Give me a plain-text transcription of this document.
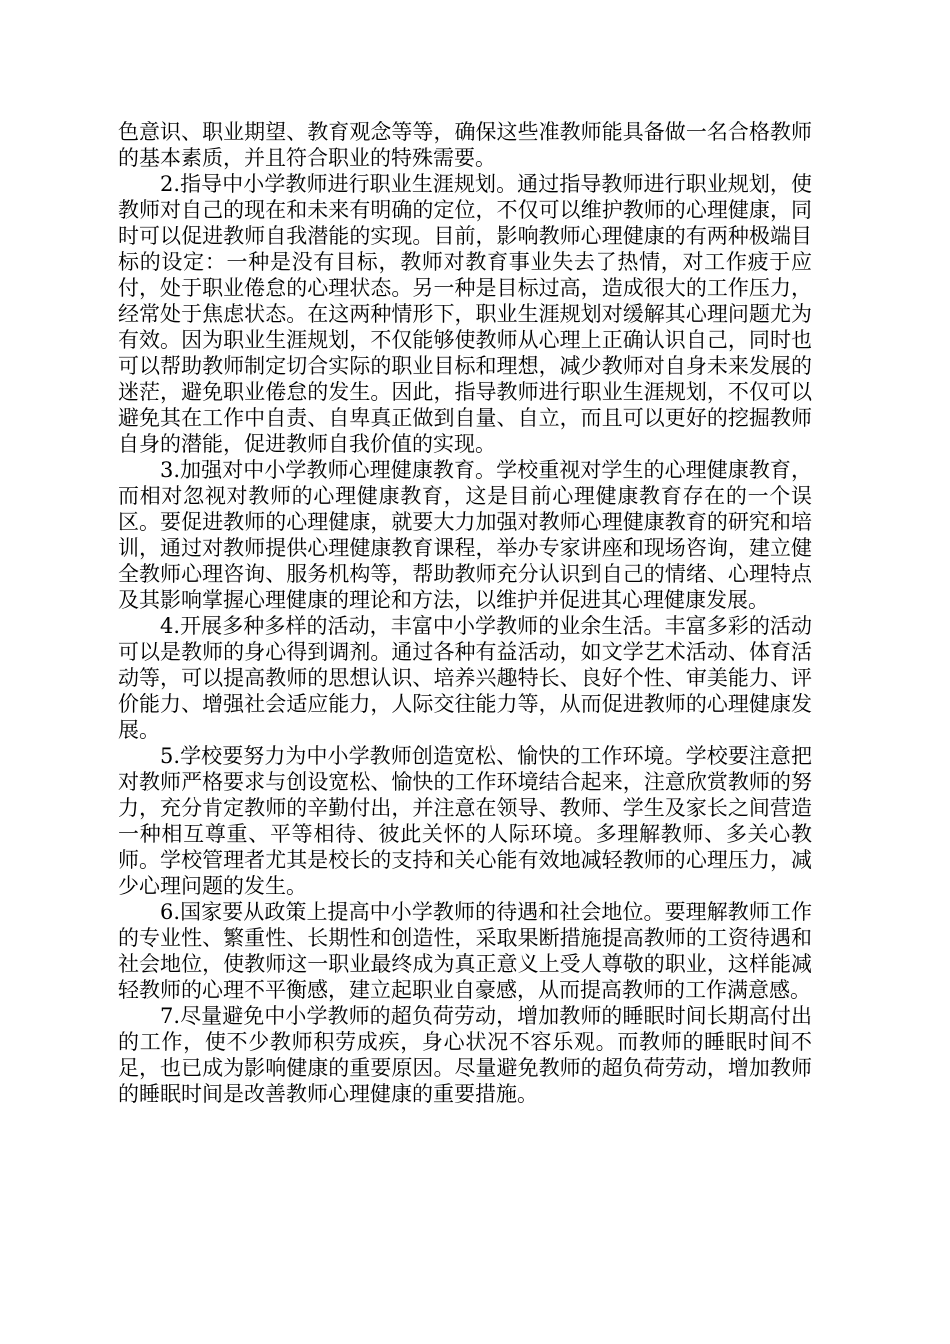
色意识、职业期望、教育观念等等，确保这些准教师能具备做一名合格教师的基本素质，并且符合职业的特殊需要。

2.指导中小学教师进行职业生涯规划。通过指导教师进行职业规划，使教师对自己的现在和未来有明确的定位，不仅可以维护教师的心理健康，同时可以促进教师自我潜能的实现。目前，影响教师心理健康的有两种极端目标的设定：一种是没有目标，教师对教育事业失去了热情，对工作疲于应付，处于职业倦怠的心理状态。另一种是目标过高，造成很大的工作压力，经常处于焦虑状态。在这两种情形下，职业生涯规划对缓解其心理问题尤为有效。因为职业生涯规划，不仅能够使教师从心理上正确认识自己，同时也可以帮助教师制定切合实际的职业目标和理想，减少教师对自身未来发展的迷茫，避免职业倦怠的发生。因此，指导教师进行职业生涯规划，不仅可以避免其在工作中自责、自卑真正做到自量、自立，而且可以更好的挖掘教师自身的潜能，促进教师自我价值的实现。

3.加强对中小学教师心理健康教育。学校重视对学生的心理健康教育，而相对忽视对教师的心理健康教育，这是目前心理健康教育存在的一个误区。要促进教师的心理健康，就要大力加强对教师心理健康教育的研究和培训，通过对教师提供心理健康教育课程，举办专家讲座和现场咨询，建立健全教师心理咨询、服务机构等，帮助教师充分认识到自己的情绪、心理特点及其影响掌握心理健康的理论和方法，以维护并促进其心理健康发展。

4.开展多种多样的活动，丰富中小学教师的业余生活。丰富多彩的活动可以是教师的身心得到调剂。通过各种有益活动，如文学艺术活动、体育活动等，可以提高教师的思想认识、培养兴趣特长、良好个性、审美能力、评价能力、增强社会适应能力，人际交往能力等，从而促进教师的心理健康发展。

5.学校要努力为中小学教师创造宽松、愉快的工作环境。学校要注意把对教师严格要求与创设宽松、愉快的工作环境结合起来，注意欣赏教师的努力，充分肯定教师的辛勤付出，并注意在领导、教师、学生及家长之间营造一种相互尊重、平等相待、彼此关怀的人际环境。多理解教师、多关心教师。学校管理者尤其是校长的支持和关心能有效地减轻教师的心理压力，减少心理问题的发生。

6.国家要从政策上提高中小学教师的待遇和社会地位。要理解教师工作的专业性、繁重性、长期性和创造性，采取果断措施提高教师的工资待遇和社会地位，使教师这一职业最终成为真正意义上受人尊敬的职业，这样能减轻教师的心理不平衡感，建立起职业自豪感，从而提高教师的工作满意感。

7.尽量避免中小学教师的超负荷劳动，增加教师的睡眠时间长期高付出的工作，使不少教师积劳成疾，身心状况不容乐观。而教师的睡眠时间不足，也已成为影响健康的重要原因。尽量避免教师的超负荷劳动，增加教师的睡眠时间是改善教师心理健康的重要措施。
